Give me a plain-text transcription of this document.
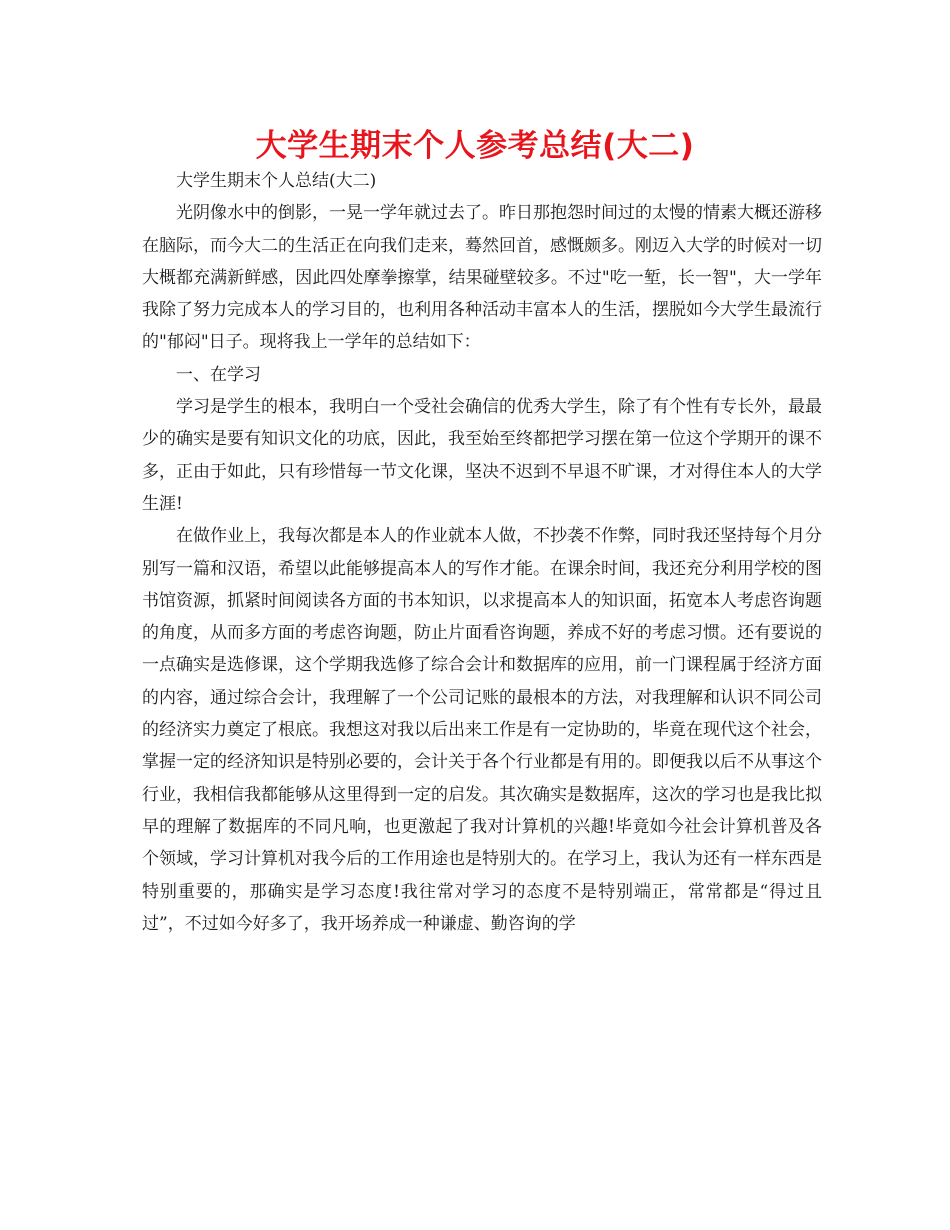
大学生期末个人参考总结(大二)

大学生期末个人总结(大二)

光阴像水中的倒影，一晃一学年就过去了。昨日那抱怨时间过的太慢的情素大概还游移在脑际，而今大二的生活正在向我们走来，蓦然回首，感慨颇多。刚迈入大学的时候对一切大概都充满新鲜感，因此四处摩拳擦掌，结果碰壁较多。不过"吃一堑，长一智"，大一学年我除了努力完成本人的学习目的，也利用各种活动丰富本人的生活，摆脱如今大学生最流行的"郁闷"日子。现将我上一学年的总结如下：

一、在学习

学习是学生的根本，我明白一个受社会确信的优秀大学生，除了有个性有专长外，最最少的确实是要有知识文化的功底，因此，我至始至终都把学习摆在第一位这个学期开的课不多，正由于如此，只有珍惜每一节文化课，坚决不迟到不早退不旷课，才对得住本人的大学生涯!

在做作业上，我每次都是本人的作业就本人做，不抄袭不作弊，同时我还坚持每个月分别写一篇和汉语，希望以此能够提高本人的写作才能。在课余时间，我还充分利用学校的图书馆资源，抓紧时间阅读各方面的书本知识，以求提高本人的知识面，拓宽本人考虑咨询题的角度，从而多方面的考虑咨询题，防止片面看咨询题，养成不好的考虑习惯。还有要说的一点确实是选修课，这个学期我选修了综合会计和数据库的应用，前一门课程属于经济方面的内容，通过综合会计，我理解了一个公司记账的最根本的方法，对我理解和认识不同公司的经济实力奠定了根底。我想这对我以后出来工作是有一定协助的，毕竟在现代这个社会，掌握一定的经济知识是特别必要的，会计关于各个行业都是有用的。即便我以后不从事这个行业，我相信我都能够从这里得到一定的启发。其次确实是数据库，这次的学习也是我比拟早的理解了数据库的不同凡响，也更激起了我对计算机的兴趣!毕竟如今社会计算机普及各个领域，学习计算机对我今后的工作用途也是特别大的。在学习上，我认为还有一样东西是特别重要的，那确实是学习态度!我往常对学习的态度不是特别端正，常常都是“得过且过”，不过如今好多了，我开场养成一种谦虚、勤咨询的学
